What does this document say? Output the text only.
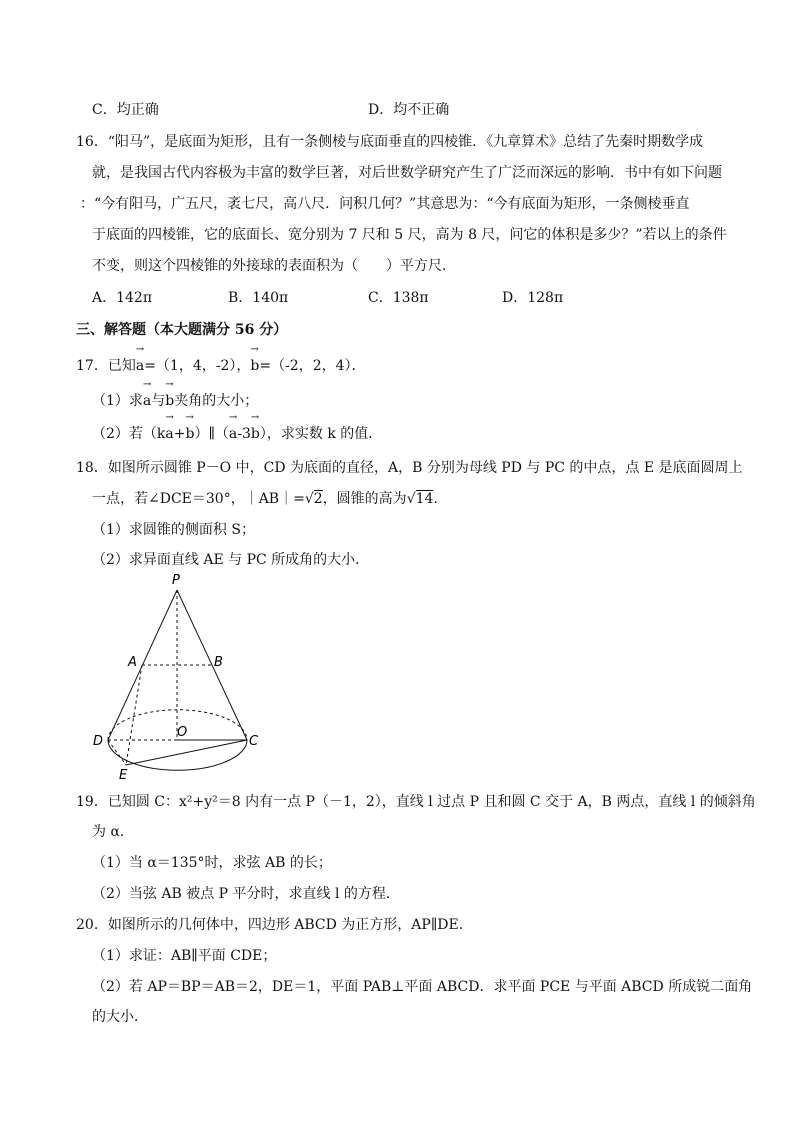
C．均正确	D．均不正确
16．“阳马”，是底面为矩形，且有一条侧棱与底面垂直的四棱锥．《九章算术》总结了先秦时期数学成
就，是我国古代内容极为丰富的数学巨著，对后世数学研究产生了广泛而深远的影响．书中有如下问题
：“今有阳马，广五尺，袤七尺，高八尺．问积几何？”其意思为：“今有底面为矩形，一条侧棱垂直
于底面的四棱锥，它的底面长、宽分别为 7 尺和 5 尺，高为 8 尺，问它的体积是多少？”若以上的条件
不变，则这个四棱锥的外接球的表面积为（　　）平方尺．
A．142π	B．140π	C．138π	D．128π
三、解答题（本大题满分 56 分）
17．已知→ a=（1，4，-2），→ b=（-2，2，4）．
（1）求→ a与→ b夹角的大小；
（2）若（k→ a+→ b）∥（→ a-3→ b），求实数 k 的值．
18．如图所示圆锥 P－O 中，CD 为底面的直径，A，B 分别为母线 PD 与 PC 的中点，点 E 是底面圆周上
一点，若∠DCE＝30°，｜AB｜=√2，圆锥的高为√14．
（1）求圆锥的侧面积 S；
（2）求异面直线 AE 与 PC 所成角的大小．
P
A	B
D
O
C
E
19．已知圆 C：x²+y²＝8 内有一点 P（－1，2），直线 l 过点 P 且和圆 C 交于 A，B 两点，直线 l 的倾斜角
为 α．
（1）当 α＝135°时，求弦 AB 的长；
（2）当弦 AB 被点 P 平分时，求直线 l 的方程．
20．如图所示的几何体中，四边形 ABCD 为正方形，AP∥DE．
（1）求证：AB∥平面 CDE；
（2）若 AP＝BP＝AB＝2，DE＝1，平面 PAB⊥平面 ABCD．求平面 PCE 与平面 ABCD 所成锐二面角
的大小．
